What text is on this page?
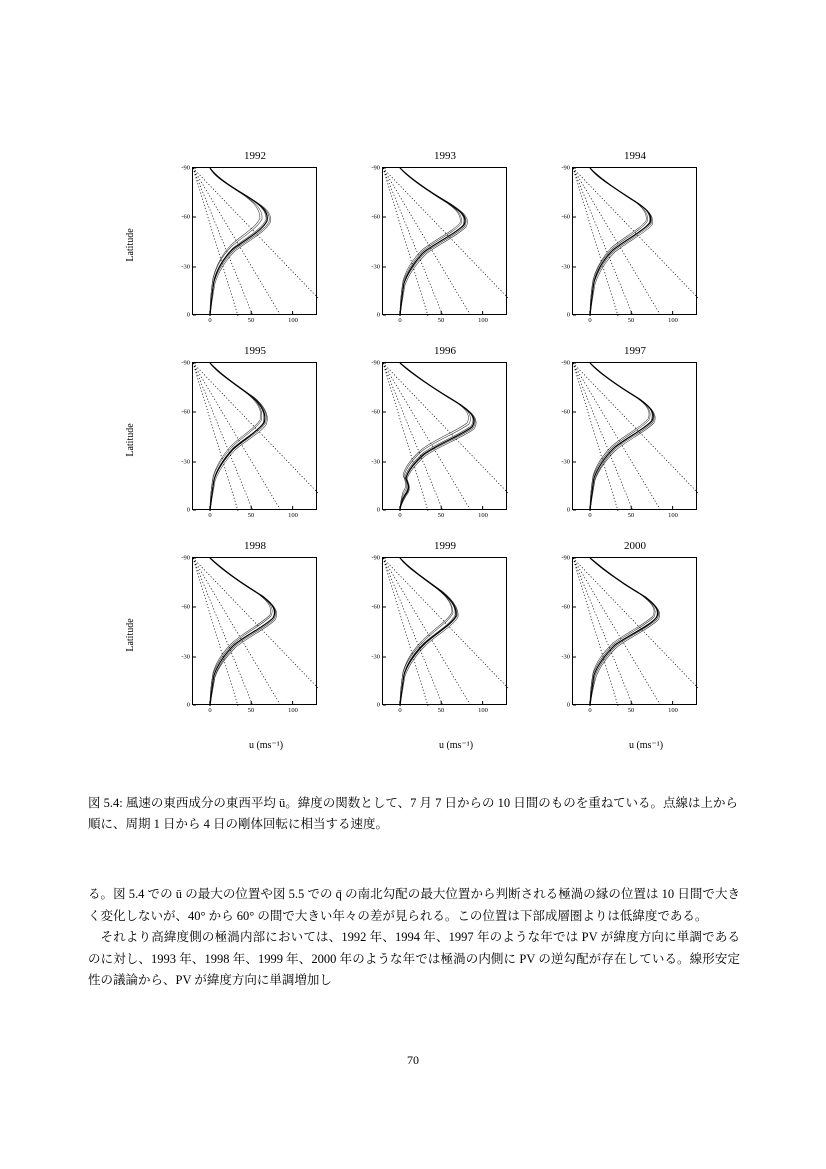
Latitude
Latitude
Latitude
1992
-90
-60
-30
0
0	50	100
1993
-90
-60
-30
0
0	50	100
1994
-90
-60
-30
0
0	50	100
1995
-90
-60
-30
0
0	50	100
1996
-90
-60
-30
0
0	50	100
1997
-90
-60
-30
0
0	50	100
1998
-90
-60
-30
0
0	50	100
1999
-90
-60
-30
0
0	50	100
2000
-90
-60
-30
0
0	50	100
u (ms⁻¹)	u (ms⁻¹)	u (ms⁻¹)
図 5.4: 風速の東西成分の東西平均 ū。緯度の関数として、7 月 7 日からの 10 日間のものを重ねている。点線は上から順に、周期 1 日から 4 日の剛体回転に相当する速度。

る。図 5.4 での ū の最大の位置や図 5.5 での q̄ の南北勾配の最大位置から判断される極渦の縁の位置は 10 日間で大きく変化しないが、40° から 60° の間で大きい年々の差が見られる。この位置は下部成層圏よりは低緯度である。

それより高緯度側の極渦内部においては、1992 年、1994 年、1997 年のような年では PV が緯度方向に単調であるのに対し、1993 年、1998 年、1999 年、2000 年のような年では極渦の内側に PV の逆勾配が存在している。線形安定性の議論から、PV が緯度方向に単調増加し

70
